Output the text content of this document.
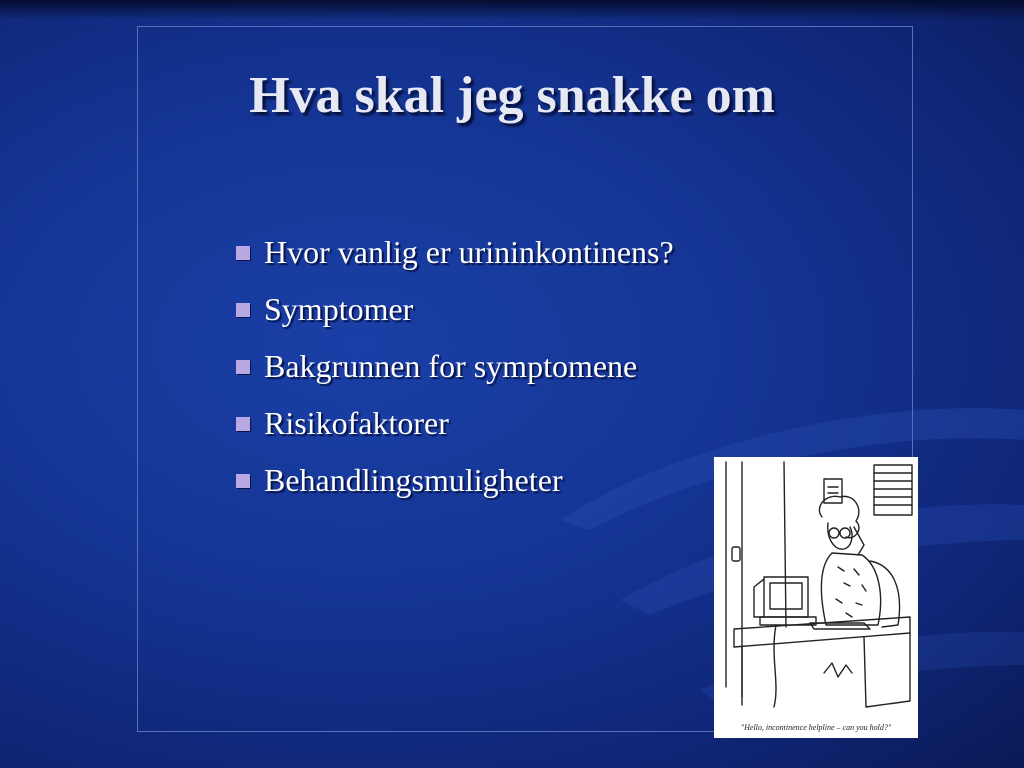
Hva skal jeg snakke om
Hvor vanlig er urininkontinens?
Symptomer
Bakgrunnen for symptomene
Risikofaktorer
Behandlingsmuligheter
"Hello, incontinence helpline – can you hold?"
